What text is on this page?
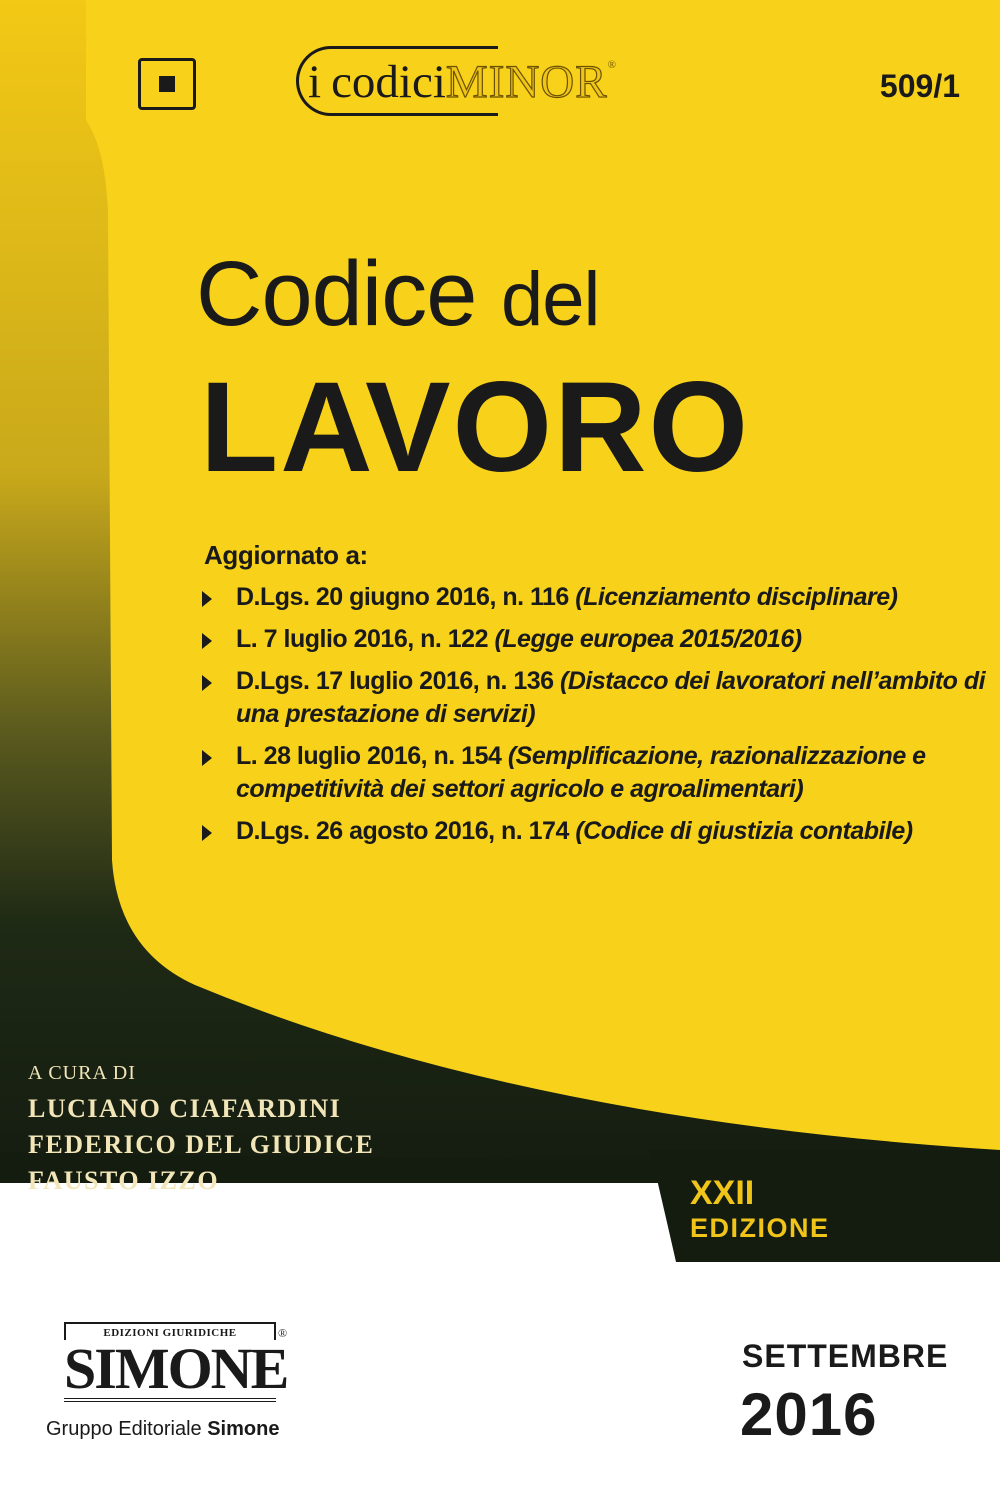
i codici MINOR ®
509/1
Codice del
LAVORO
Aggiornato a:
D.Lgs. 20 giugno 2016, n. 116 (Licenziamento disciplinare)
L. 7 luglio 2016, n. 122 (Legge europea 2015/2016)
D.Lgs. 17 luglio 2016, n. 136 (Distacco dei lavoratori nell’ambito di una prestazione di servizi)
L. 28 luglio 2016, n. 154 (Semplificazione, razionalizzazione e competitività dei settori agricolo e agroalimentari)
D.Lgs. 26 agosto 2016, n. 174 (Codice di giustizia contabile)
A CURA DI
LUCIANO CIAFARDINI
FEDERICO DEL GIUDICE
FAUSTO IZZO	XXII
EDIZIONE
EDIZIONI GIURIDICHE
SIMONE
®
Gruppo Editoriale Simone
SETTEMBRE
2016
